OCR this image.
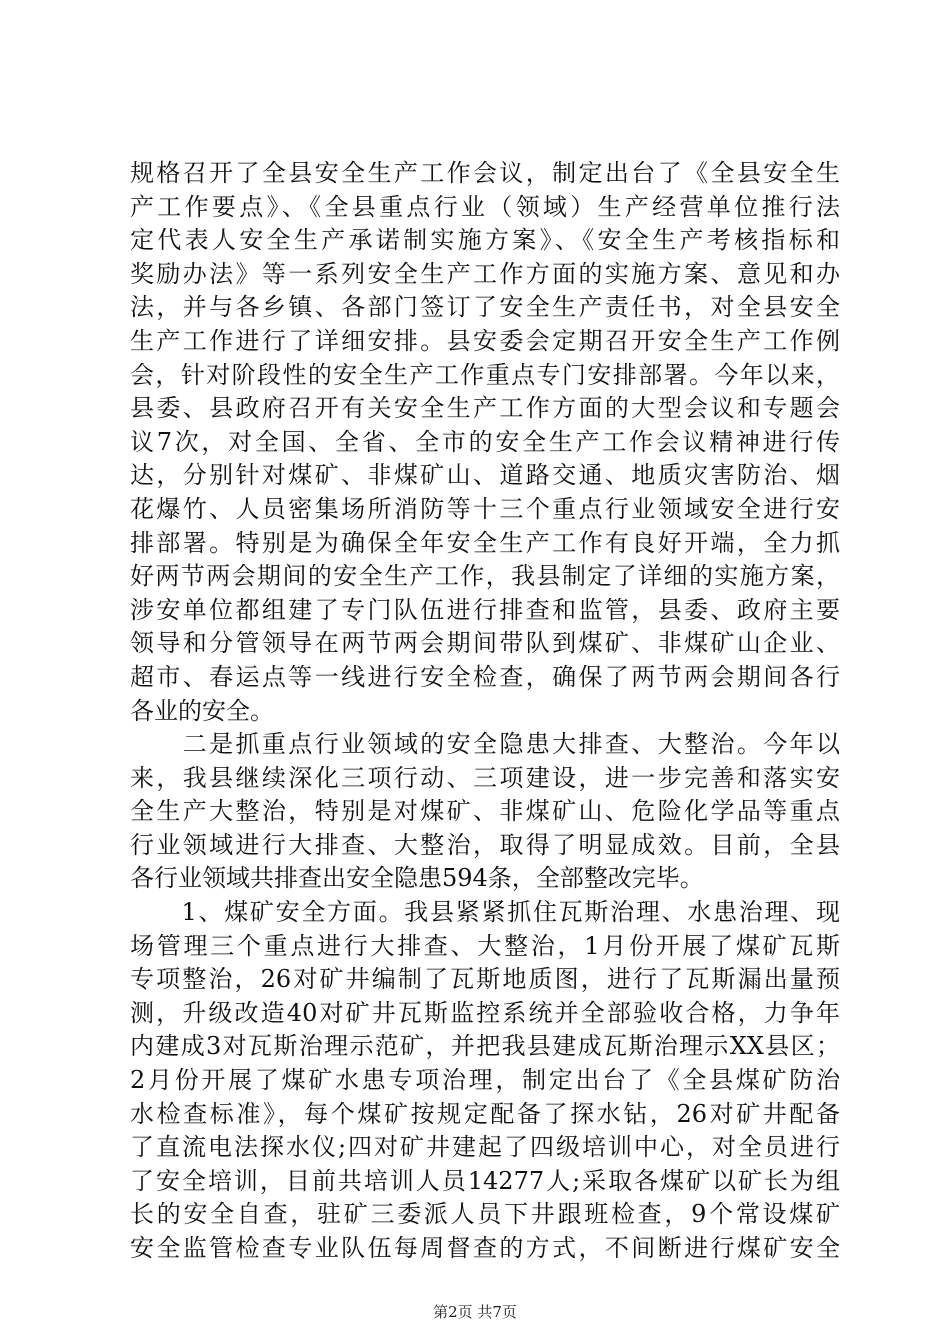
规格召开了全县安全生产工作会议，制定出台了《全县安全生
产工作要点》、《全县重点行业（领域）生产经营单位推行法
定代表人安全生产承诺制实施方案》、《安全生产考核指标和
奖励办法》等一系列安全生产工作方面的实施方案、意见和办
法，并与各乡镇、各部门签订了安全生产责任书，对全县安全
生产工作进行了详细安排。县安委会定期召开安全生产工作例
会，针对阶段性的安全生产工作重点专门安排部署。今年以来，
县委、县政府召开有关安全生产工作方面的大型会议和专题会
议7次，对全国、全省、全市的安全生产工作会议精神进行传
达，分别针对煤矿、非煤矿山、道路交通、地质灾害防治、烟
花爆竹、人员密集场所消防等十三个重点行业领域安全进行安
排部署。特别是为确保全年安全生产工作有良好开端，全力抓
好两节两会期间的安全生产工作，我县制定了详细的实施方案，
涉安单位都组建了专门队伍进行排查和监管，县委、政府主要
领导和分管领导在两节两会期间带队到煤矿、非煤矿山企业、
超市、春运点等一线进行安全检查，确保了两节两会期间各行
各业的安全。
　　二是抓重点行业领域的安全隐患大排查、大整治。今年以
来，我县继续深化三项行动、三项建设，进一步完善和落实安
全生产大整治，特别是对煤矿、非煤矿山、危险化学品等重点
行业领域进行大排查、大整治，取得了明显成效。目前，全县
各行业领域共排查出安全隐患594条，全部整改完毕。
　　1、煤矿安全方面。我县紧紧抓住瓦斯治理、水患治理、现
场管理三个重点进行大排查、大整治，1月份开展了煤矿瓦斯
专项整治，26对矿井编制了瓦斯地质图，进行了瓦斯漏出量预
测，升级改造40对矿井瓦斯监控系统并全部验收合格，力争年
内建成3对瓦斯治理示范矿，并把我县建成瓦斯治理示XX县区；
2月份开展了煤矿水患专项治理，制定出台了《全县煤矿防治
水检查标准》，每个煤矿按规定配备了探水钻，26对矿井配备
了直流电法探水仪;四对矿井建起了四级培训中心，对全员进行
了安全培训，目前共培训人员14277人;采取各煤矿以矿长为组
长的安全自查，驻矿三委派人员下井跟班检查，9个常设煤矿
安全监管检查专业队伍每周督查的方式，不间断进行煤矿安全
第2页 共7页
